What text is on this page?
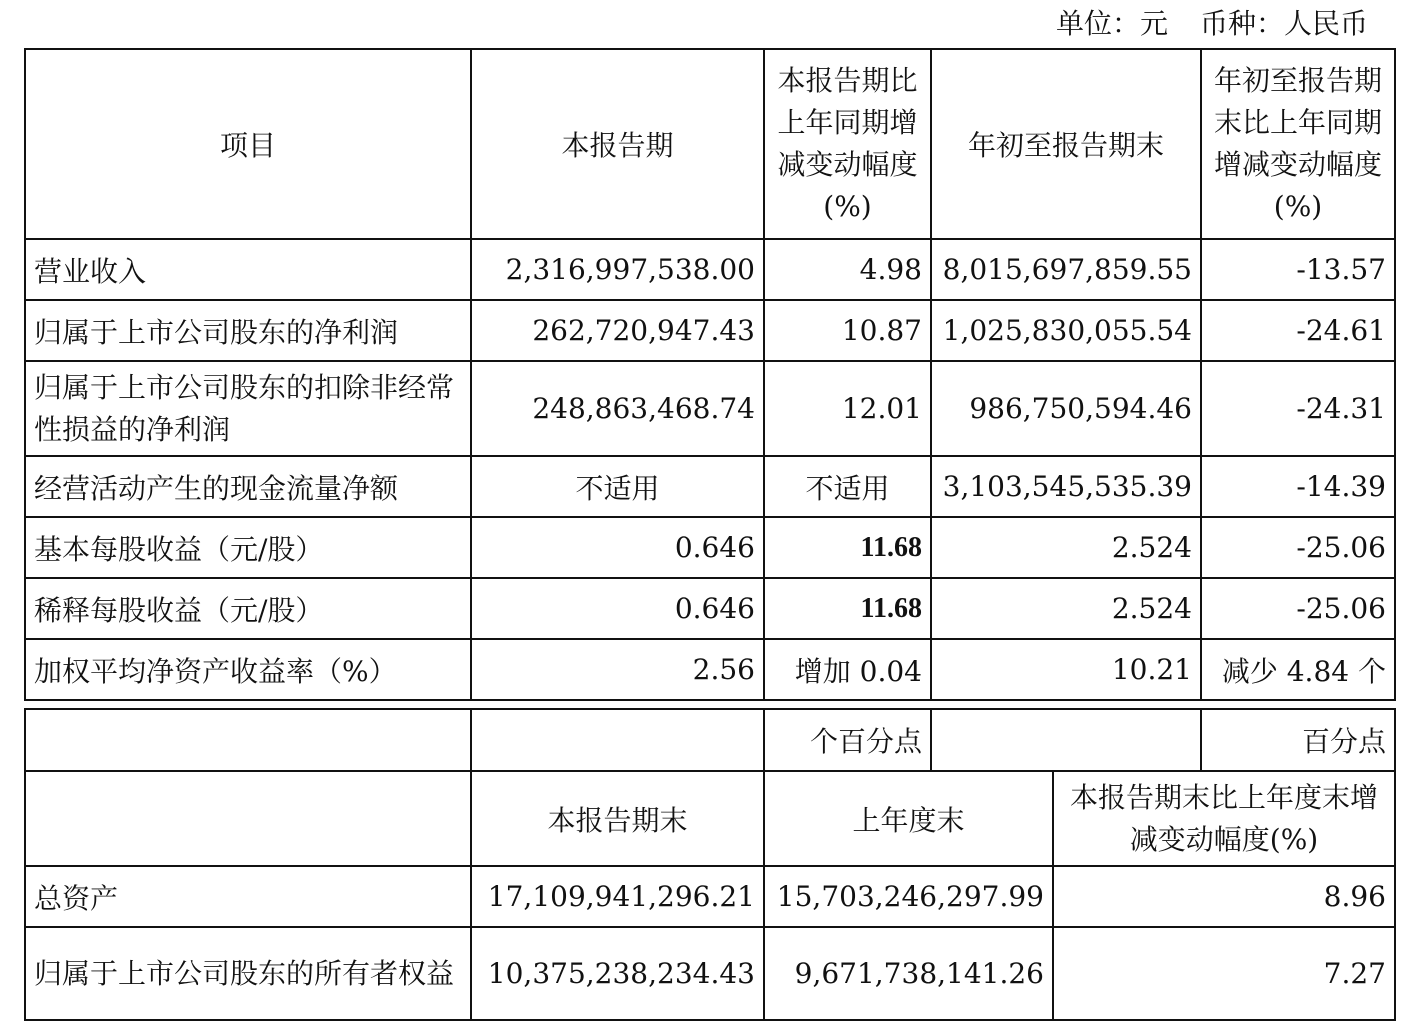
单位：元 币种：人民币
项目	本报告期	本报告期比上年同期增减变动幅度(%)	年初至报告期末	年初至报告期末比上年同期增减变动幅度(%)
营业收入	2,316,997,538.00	4.98	8,015,697,859.55	-13.57
归属于上市公司股东的净利润	262,720,947.43	10.87	1,025,830,055.54	-24.61
归属于上市公司股东的扣除非经常性损益的净利润	248,863,468.74	12.01	986,750,594.46	-24.31
经营活动产生的现金流量净额	不适用	不适用	3,103,545,535.39	-14.39
基本每股收益（元/股）	0.646	11.68	2.524	-25.06
稀释每股收益（元/股）	0.646	11.68	2.524	-25.06
加权平均净资产收益率（%）	2.56	增加 0.04	10.21	减少 4.84 个
		个百分点			百分点
	本报告期末	上年度末		本报告期末比上年度末增减变动幅度(%)	
总资产	17,109,941,296.21	15,703,246,297.99		8.96	
归属于上市公司股东的所有者权益	10,375,238,234.43	9,671,738,141.26		7.27	
